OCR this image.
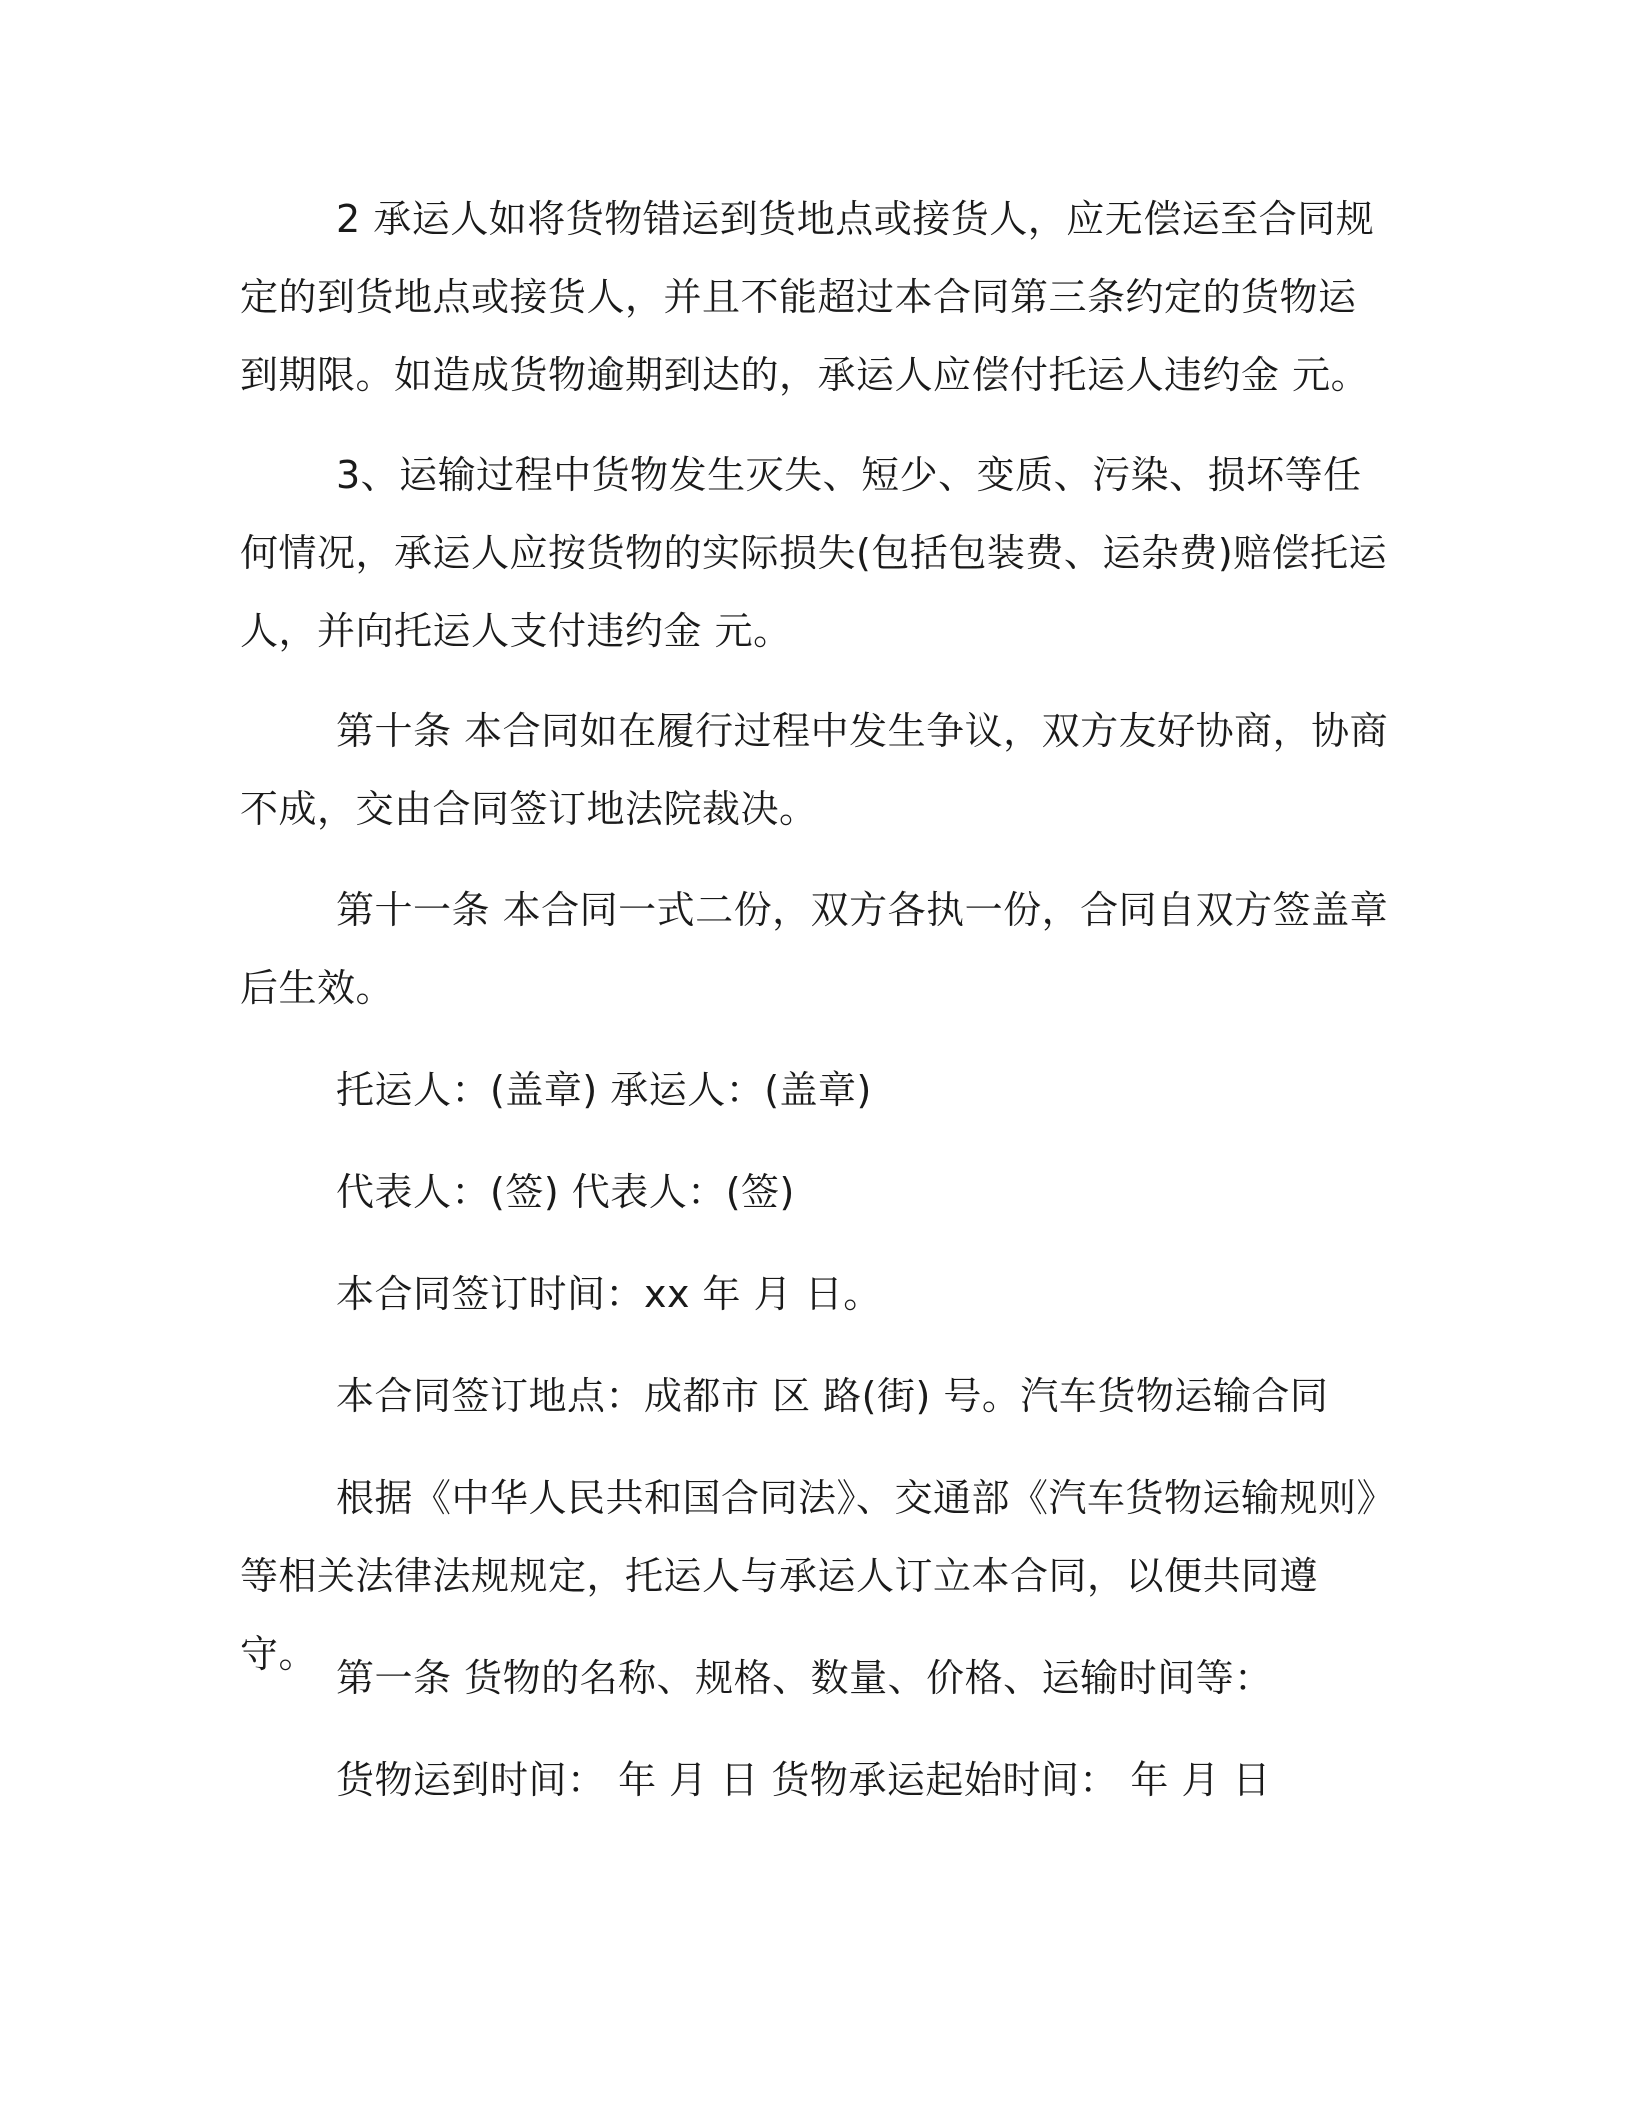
2 承运人如将货物错运到货地点或接货人，应无偿运至合同规定的到货地点或接货人，并且不能超过本合同第三条约定的货物运到期限。如造成货物逾期到达的，承运人应偿付托运人违约金 元。

3、运输过程中货物发生灭失、短少、变质、污染、损坏等任何情况，承运人应按货物的实际损失(包括包装费、运杂费)赔偿托运人，并向托运人支付违约金 元。

第十条 本合同如在履行过程中发生争议，双方友好协商，协商不成，交由合同签订地法院裁决。

第十一条 本合同一式二份，双方各执一份，合同自双方签盖章后生效。

托运人：(盖章) 承运人：(盖章)

代表人：(签) 代表人：(签)

本合同签订时间：xx 年 月 日。

本合同签订地点：成都市 区 路(街) 号。汽车货物运输合同

根据《中华人民共和国合同法》、交通部《汽车货物运输规则》等相关法律法规规定，托运人与承运人订立本合同，以便共同遵守。

第一条 货物的名称、规格、数量、价格、运输时间等：

货物运到时间： 年 月 日 货物承运起始时间： 年 月 日
